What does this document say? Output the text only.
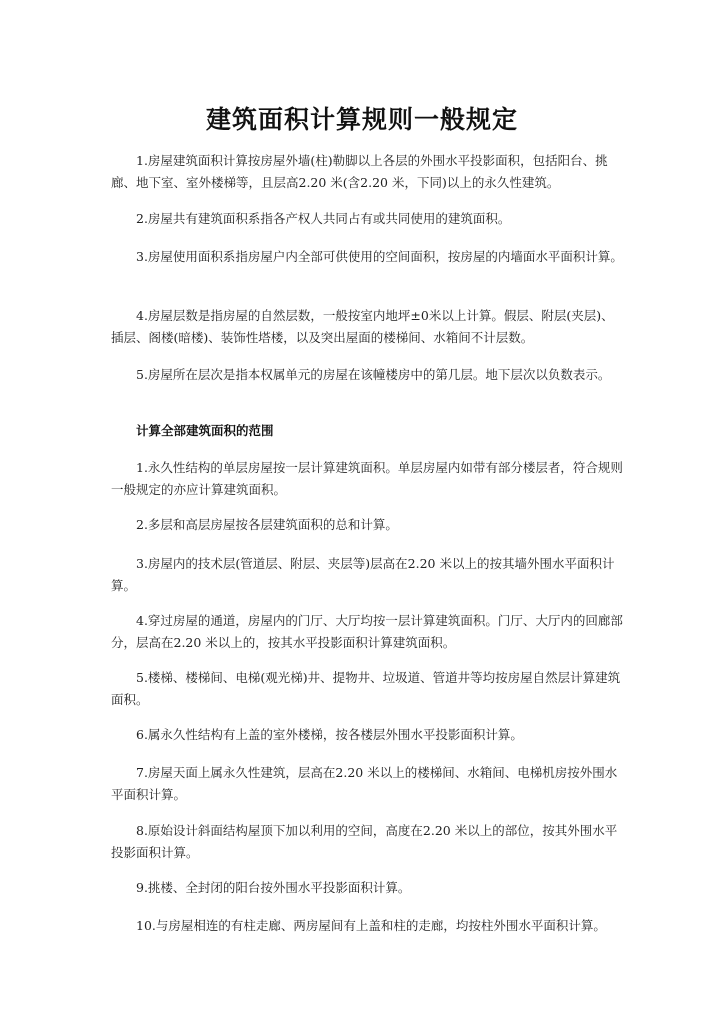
建筑面积计算规则一般规定

1.房屋建筑面积计算按房屋外墙(柱)勒脚以上各层的外围水平投影面积，包括阳台、挑廊、地下室、室外楼梯等，且层高2.20 米(含2.20 米，下同)以上的永久性建筑。

2.房屋共有建筑面积系指各产权人共同占有或共同使用的建筑面积。

3.房屋使用面积系指房屋户内全部可供使用的空间面积，按房屋的内墙面水平面积计算。

4.房屋层数是指房屋的自然层数，一般按室内地坪±0米以上计算。假层、附层(夹层)、插层、阁楼(暗楼)、装饰性塔楼，以及突出屋面的楼梯间、水箱间不计层数。

5.房屋所在层次是指本权属单元的房屋在该幢楼房中的第几层。地下层次以负数表示。

计算全部建筑面积的范围

1.永久性结构的单层房屋按一层计算建筑面积。单层房屋内如带有部分楼层者，符合规则一般规定的亦应计算建筑面积。

2.多层和高层房屋按各层建筑面积的总和计算。

3.房屋内的技术层(管道层、附层、夹层等)层高在2.20 米以上的按其墙外围水平面积计算。

4.穿过房屋的通道，房屋内的门厅、大厅均按一层计算建筑面积。门厅、大厅内的回廊部分，层高在2.20 米以上的，按其水平投影面积计算建筑面积。

5.楼梯、楼梯间、电梯(观光梯)井、提物井、垃圾道、管道井等均按房屋自然层计算建筑面积。

6.属永久性结构有上盖的室外楼梯，按各楼层外围水平投影面积计算。

7.房屋天面上属永久性建筑，层高在2.20 米以上的楼梯间、水箱间、电梯机房按外围水平面积计算。

8.原始设计斜面结构屋顶下加以利用的空间，高度在2.20 米以上的部位，按其外围水平投影面积计算。

9.挑楼、全封闭的阳台按外围水平投影面积计算。

10.与房屋相连的有柱走廊、两房屋间有上盖和柱的走廊，均按柱外围水平面积计算。
